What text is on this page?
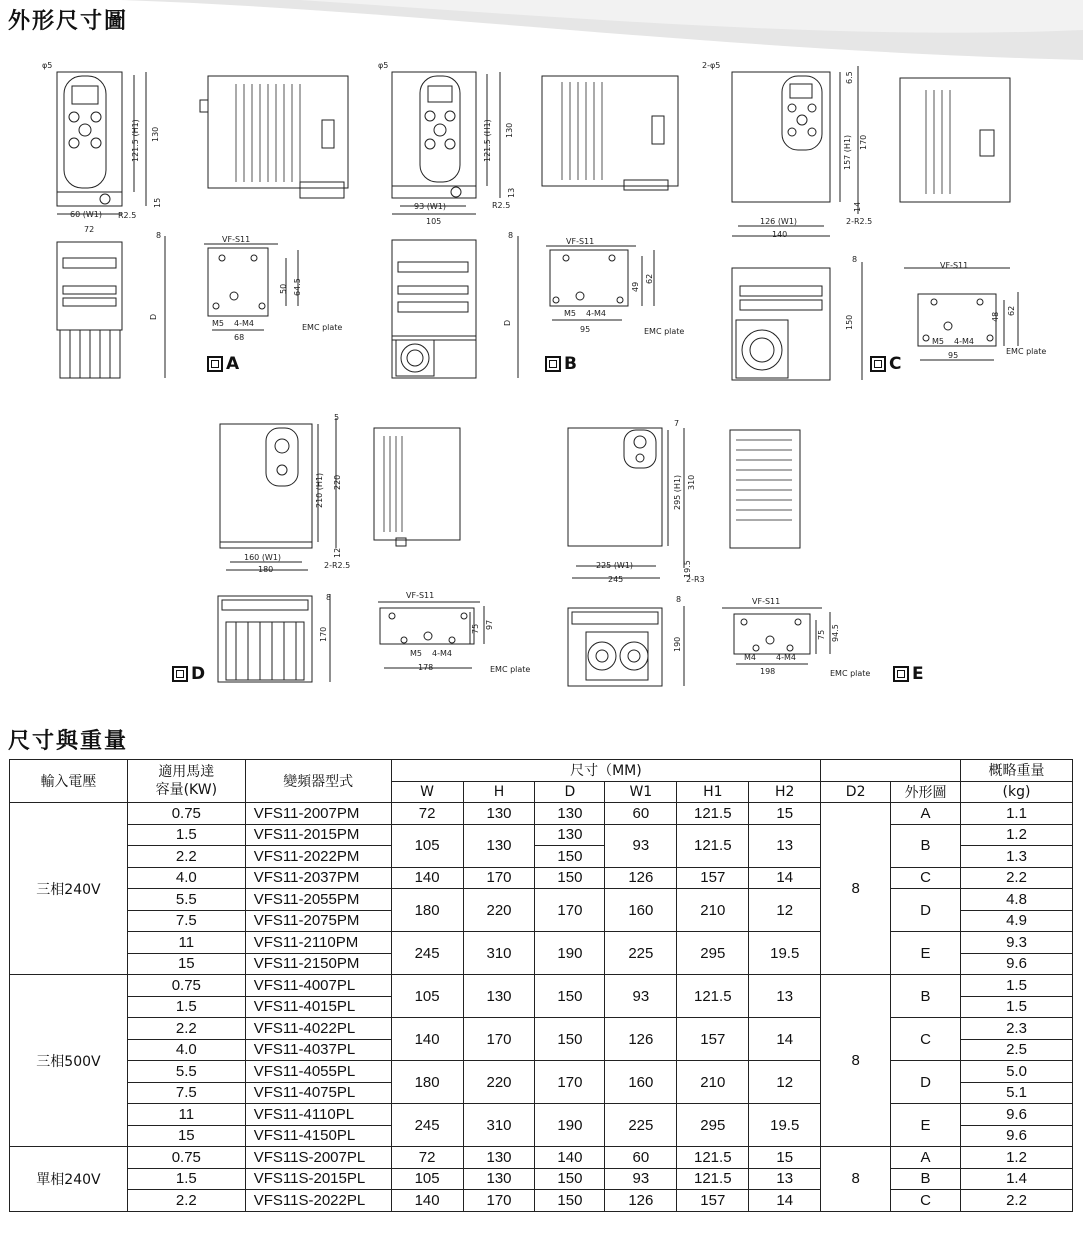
外形尺寸圖
φ5
130
121.5 (H1)
15
60 (W1)
72
R2.5
8
D
VF-S11
50 64.5
M5 4-M4
68
EMC plate
φ5
121.5 (H1) 130
13
93 (W1)
105
R2.5
8
D
VF-S11
49
62
M5 4-M4
95	EMC plate
2-φ5
6.5
157 (H1) 170
14
126 (W1)
140
2-R2.5
8
150
VF-S11
48
62
M5 4-M4
95	EMC plate
5
210 (H1) 220
12
160 (W1)
180	2-R2.5
8
170
VF-S11
75 97
M5 4-M4
178	EMC plate
7
295 (H1) 310
19.5
225 (W1)
245	2-R3
8
190
VF-S11
75 94.5
M4	4-M4
198	EMC plate
A	B	C
D	E
尺寸與重量
輸入電壓	適用馬達
容量(KW)	變頻器型式	尺寸（MM)								概略重量
			W	H	D	W1	H1	H2	D2	外形圖	(kg)
三相240V	0.75	VFS11-2007PM	72	130	130	60	121.5	15	8	A	1.1
	1.5	VFS11-2015PM	105	130	130	93	121.5	13		B	1.2
	2.2	VFS11-2022PM			150						1.3
	4.0	VFS11-2037PM	140	170	150	126	157	14		C	2.2
	5.5	VFS11-2055PM	180	220	170	160	210	12		D	4.8
	7.5	VFS11-2075PM									4.9
	11	VFS11-2110PM	245	310	190	225	295	19.5		E	9.3
	15	VFS11-2150PM									9.6
三相500V	0.75	VFS11-4007PL	105	130	150	93	121.5	13	8	B	1.5
	1.5	VFS11-4015PL									1.5
	2.2	VFS11-4022PL	140	170	150	126	157	14		C	2.3
	4.0	VFS11-4037PL									2.5
	5.5	VFS11-4055PL	180	220	170	160	210	12		D	5.0
	7.5	VFS11-4075PL									5.1
	11	VFS11-4110PL	245	310	190	225	295	19.5		E	9.6
	15	VFS11-4150PL									9.6
單相240V	0.75	VFS11S-2007PL	72	130	140	60	121.5	15	8	A	1.2
	1.5	VFS11S-2015PL	105	130	150	93	121.5	13		B	1.4
	2.2	VFS11S-2022PL	140	170	150	126	157	14		C	2.2
